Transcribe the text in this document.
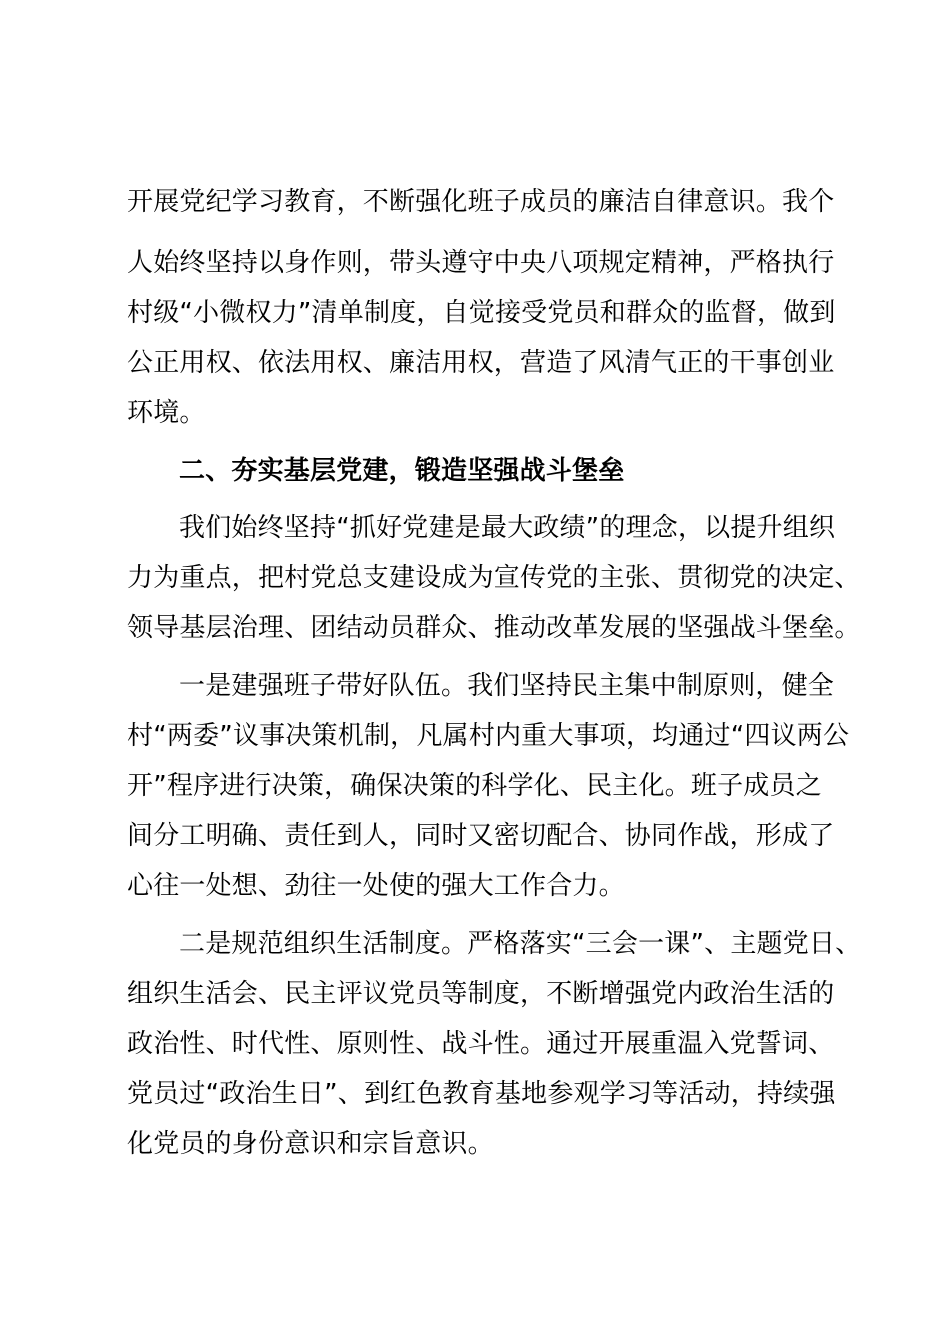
开展党纪学习教育，不断强化班子成员的廉洁自律意识。我个
人始终坚持以身作则，带头遵守中央八项规定精神，严格执行
村级“小微权力”清单制度，自觉接受党员和群众的监督，做到
公正用权、依法用权、廉洁用权，营造了风清气正的干事创业
环境。
二、夯实基层党建，锻造坚强战斗堡垒
我们始终坚持“抓好党建是最大政绩”的理念，以提升组织
力为重点，把村党总支建设成为宣传党的主张、贯彻党的决定、
领导基层治理、团结动员群众、推动改革发展的坚强战斗堡垒。
一是建强班子带好队伍。我们坚持民主集中制原则，健全
村“两委”议事决策机制，凡属村内重大事项，均通过“四议两公
开”程序进行决策，确保决策的科学化、民主化。班子成员之
间分工明确、责任到人，同时又密切配合、协同作战，形成了
心往一处想、劲往一处使的强大工作合力。
二是规范组织生活制度。严格落实“三会一课”、主题党日、
组织生活会、民主评议党员等制度，不断增强党内政治生活的
政治性、时代性、原则性、战斗性。通过开展重温入党誓词、
党员过“政治生日”、到红色教育基地参观学习等活动，持续强
化党员的身份意识和宗旨意识。
